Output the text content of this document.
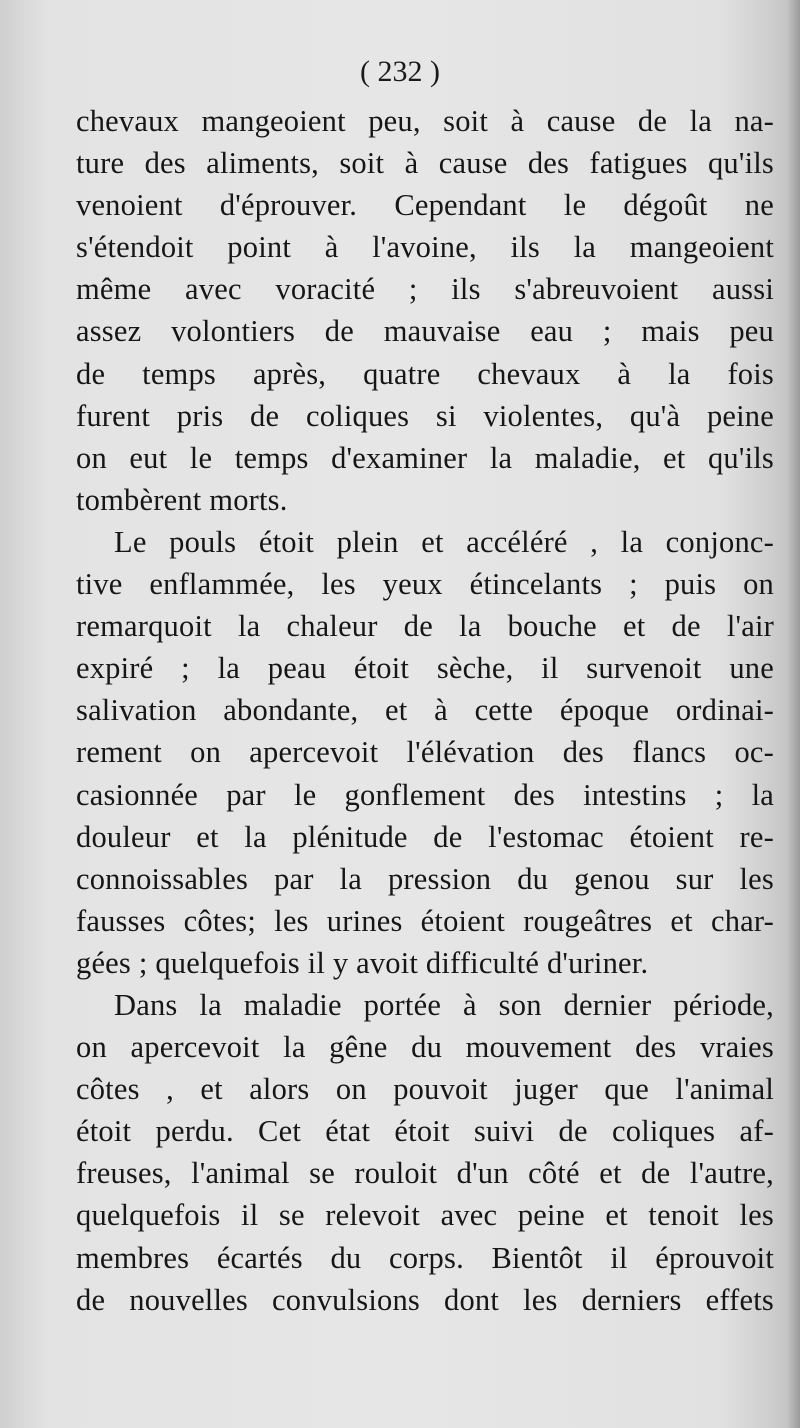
( 232 )
chevaux mangeoient peu, soit à cause de la na-
ture des aliments, soit à cause des fatigues qu'ils
venoient d'éprouver. Cependant le dégoût ne
s'étendoit point à l'avoine, ils la mangeoient
même avec voracité ; ils s'abreuvoient aussi
assez volontiers de mauvaise eau ; mais peu
de temps après, quatre chevaux à la fois
furent pris de coliques si violentes, qu'à peine
on eut le temps d'examiner la maladie, et qu'ils
tombèrent morts.
Le pouls étoit plein et accéléré , la conjonc-
tive enflammée, les yeux étincelants ; puis on
remarquoit la chaleur de la bouche et de l'air
expiré ; la peau étoit sèche, il survenoit une
salivation abondante, et à cette époque ordinai-
rement on apercevoit l'élévation des flancs oc-
casionnée par le gonflement des intestins ; la
douleur et la plénitude de l'estomac étoient re-
connoissables par la pression du genou sur les
fausses côtes; les urines étoient rougeâtres et char-
gées ; quelquefois il y avoit difficulté d'uriner.
Dans la maladie portée à son dernier période,
on apercevoit la gêne du mouvement des vraies
côtes , et alors on pouvoit juger que l'animal
étoit perdu. Cet état étoit suivi de coliques af-
freuses, l'animal se rouloit d'un côté et de l'autre,
quelquefois il se relevoit avec peine et tenoit les
membres écartés du corps. Bientôt il éprouvoit
de nouvelles convulsions dont les derniers effets
